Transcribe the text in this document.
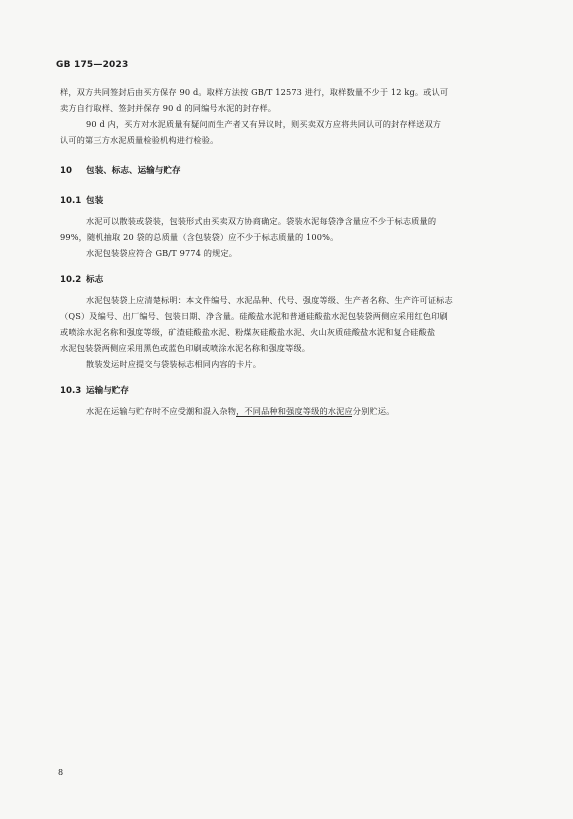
GB 175—2023
样，双方共同签封后由买方保存 90 d。取样方法按 GB/T 12573 进行，取样数量不少于 12 kg。或认可
卖方自行取样、签封并保存 90 d 的同编号水泥的封存样。
90 d 内，买方对水泥质量有疑问而生产者又有异议时，则买卖双方应将共同认可的封存样送双方
认可的第三方水泥质量检验机构进行检验。
10 包装、标志、运输与贮存
10.1 包装
水泥可以散装或袋装，包装形式由买卖双方协商确定。袋装水泥每袋净含量应不少于标志质量的
99%，随机抽取 20 袋的总质量（含包装袋）应不少于标志质量的 100%。
水泥包装袋应符合 GB/T 9774 的规定。
10.2 标志
水泥包装袋上应清楚标明：本文件编号、水泥品种、代号、强度等级、生产者名称、生产许可证标志
（QS）及编号、出厂编号、包装日期、净含量。硅酸盐水泥和普通硅酸盐水泥包装袋两侧应采用红色印刷
或喷涂水泥名称和强度等级，矿渣硅酸盐水泥、粉煤灰硅酸盐水泥、火山灰质硅酸盐水泥和复合硅酸盐
水泥包装袋两侧应采用黑色或蓝色印刷或喷涂水泥名称和强度等级。
散装发运时应提交与袋装标志相同内容的卡片。
10.3 运输与贮存
水泥在运输与贮存时不应受潮和混入杂物，不同品种和强度等级的水泥应分别贮运。
8
